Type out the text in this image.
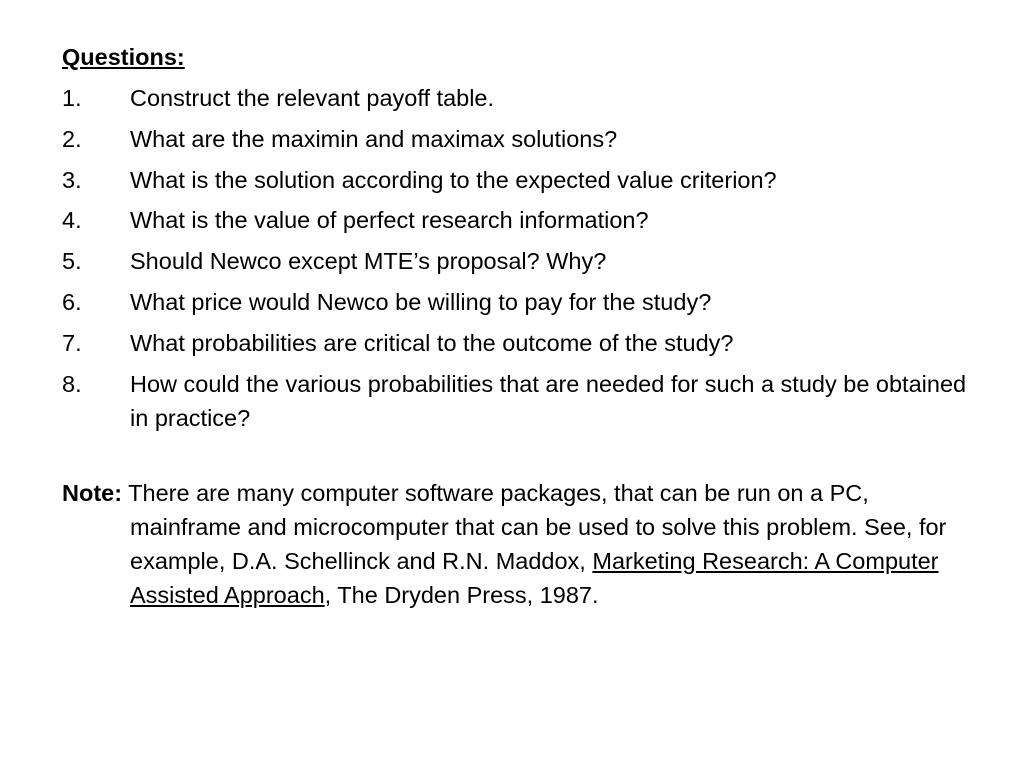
Questions:
1.	Construct the relevant payoff table.
2.	What are the maximin and maximax solutions?
3.	What is the solution according to the expected value criterion?
4.	What is the value of perfect research information?
5.	Should Newco except MTE’s proposal? Why?
6.	What price would Newco be willing to pay for the study?
7.	What probabilities are critical to the outcome of the study?
8.	How could the various probabilities that are needed for such a study be obtained in practice?
Note: There are many computer software packages, that can be run on a PC, mainframe and microcomputer that can be used to solve this problem. See, for example, D.A. Schellinck and R.N. Maddox, Marketing Research: A Computer Assisted Approach, The Dryden Press, 1987.
